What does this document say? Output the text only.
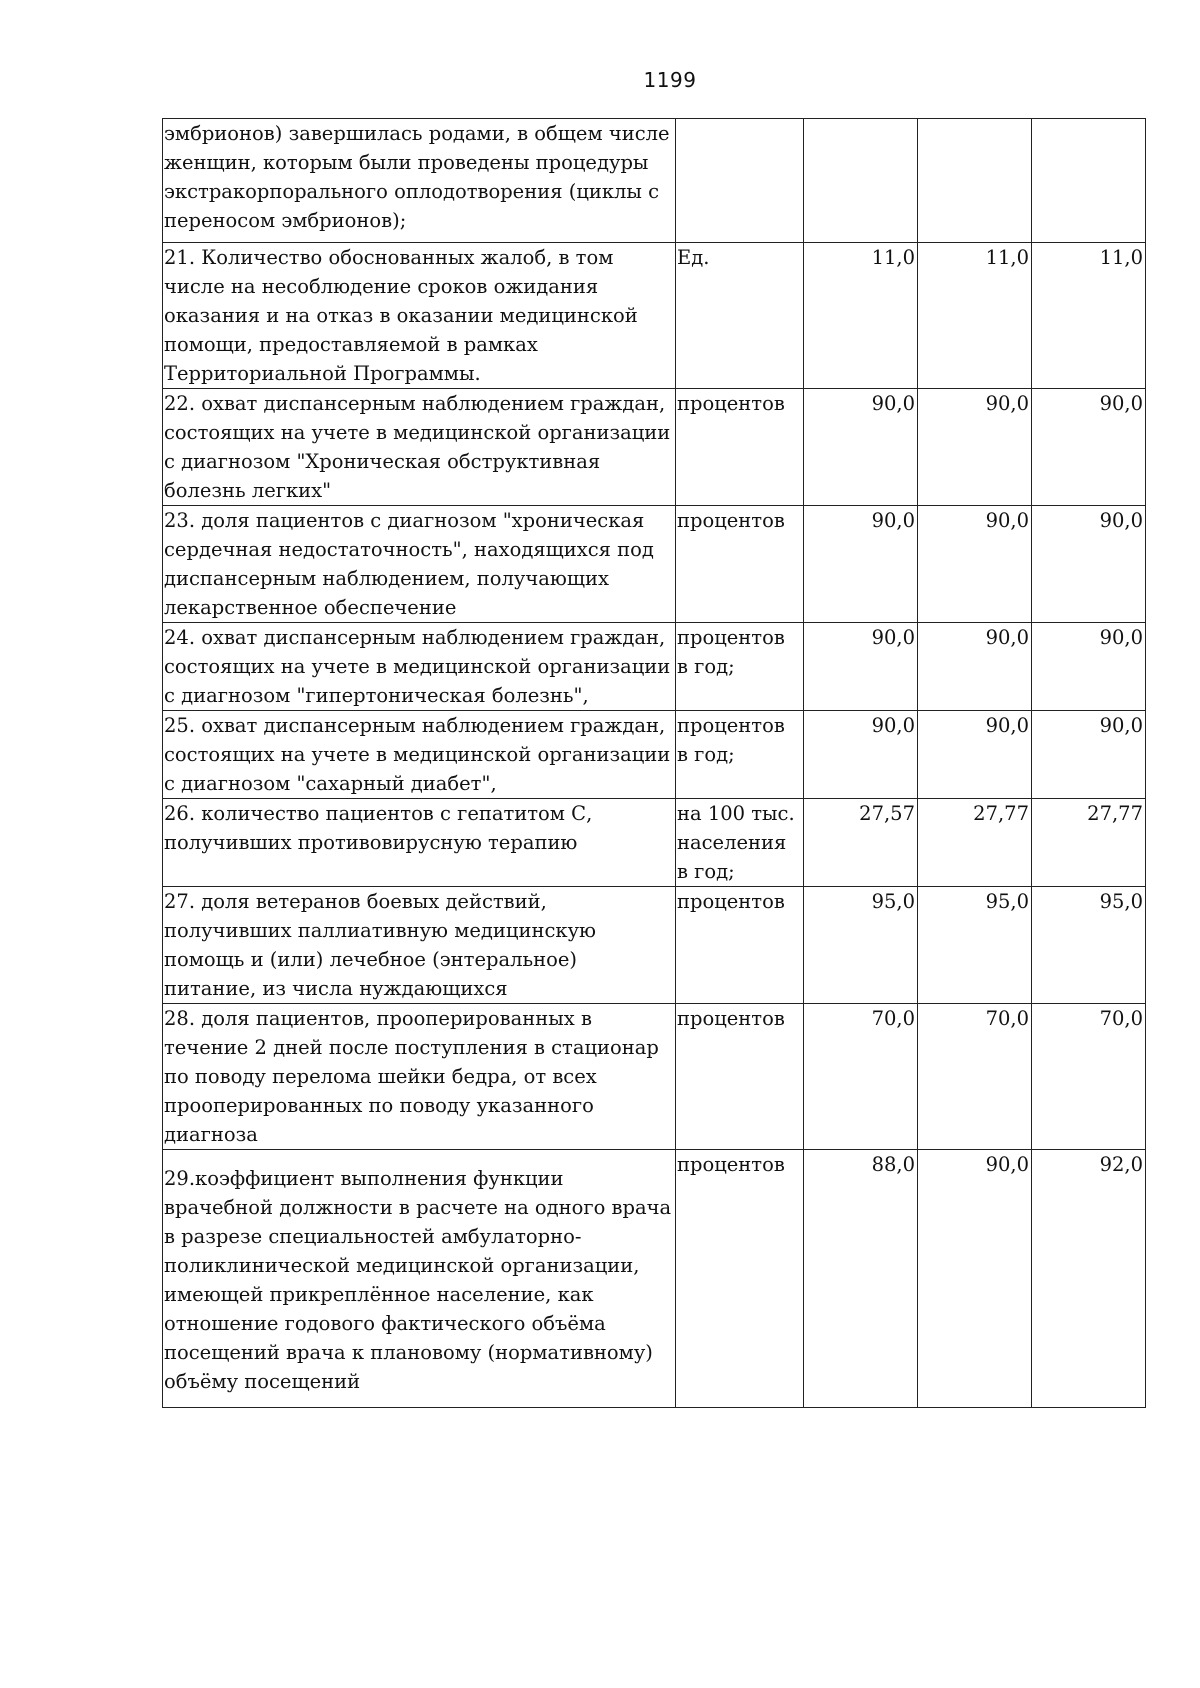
1199
эмбрионов) завершилась родами, в общем числе женщин, которым были проведены процедуры экстракорпорального оплодотворения (циклы с переносом эмбрионов);				
21. Количество обоснованных жалоб, в том числе на несоблюдение сроков ожидания оказания и на отказ в оказании медицинской помощи, предоставляемой в рамках Территориальной Программы.	Ед.	11,0	11,0	11,0
22. охват диспансерным наблюдением граждан, состоящих на учете в медицинской организации с диагнозом "Хроническая обструктивная болезнь легких"	процентов	90,0	90,0	90,0
23. доля пациентов с диагнозом "хроническая сердечная недостаточность", находящихся под диспансерным наблюдением, получающих лекарственное обеспечение	процентов	90,0	90,0	90,0
24. охват диспансерным наблюдением граждан, состоящих на учете в медицинской организации с диагнозом "гипертоническая болезнь",	процентов в год;	90,0	90,0	90,0
25. охват диспансерным наблюдением граждан, состоящих на учете в медицинской организации с диагнозом "сахарный диабет",	процентов в год;	90,0	90,0	90,0
26. количество пациентов с гепатитом С, получивших противовирусную терапию	на 100 тыс. населения в год;	27,57	27,77	27,77
27. доля ветеранов боевых действий, получивших паллиативную медицинскую помощь и (или) лечебное (энтеральное) питание, из числа нуждающихся	процентов	95,0	95,0	95,0
28. доля пациентов, прооперированных в течение 2 дней после поступления в стационар по поводу перелома шейки бедра, от всех прооперированных по поводу указанного диагноза	процентов	70,0	70,0	70,0

29.коэффициент выполнения функции врачебной должности в расчете на одного врача в разрезе специальностей амбулаторно-поликлинической медицинской организации, имеющей прикреплённое население, как отношение годового фактического объёма посещений врача к плановому (нормативному) объёму посещений	процентов	88,0	90,0	92,0
